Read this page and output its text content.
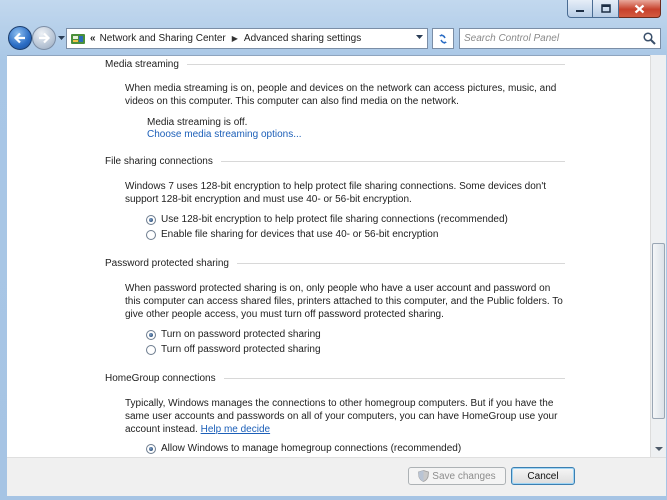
« Network and Sharing Center ▶ Advanced sharing settings
Search Control Panel
Media streaming

When media streaming is on, people and devices on the network can access pictures, music, and videos on this computer. This computer can also find media on the network.

Media streaming is off.
Choose media streaming options...
File sharing connections

Windows 7 uses 128-bit encryption to help protect file sharing connections. Some devices don't support 128-bit encryption and must use 40- or 56-bit encryption.

Use 128-bit encryption to help protect file sharing connections (recommended)
Enable file sharing for devices that use 40- or 56-bit encryption
Password protected sharing

When password protected sharing is on, only people who have a user account and password on this computer can access shared files, printers attached to this computer, and the Public folders. To give other people access, you must turn off password protected sharing.

Turn on password protected sharing
Turn off password protected sharing
HomeGroup connections

Typically, Windows manages the connections to other homegroup computers. But if you have the same user accounts and passwords on all of your computers, you can have HomeGroup use your account instead. Help me decide

Allow Windows to manage homegroup connections (recommended)
Save changes	Cancel
